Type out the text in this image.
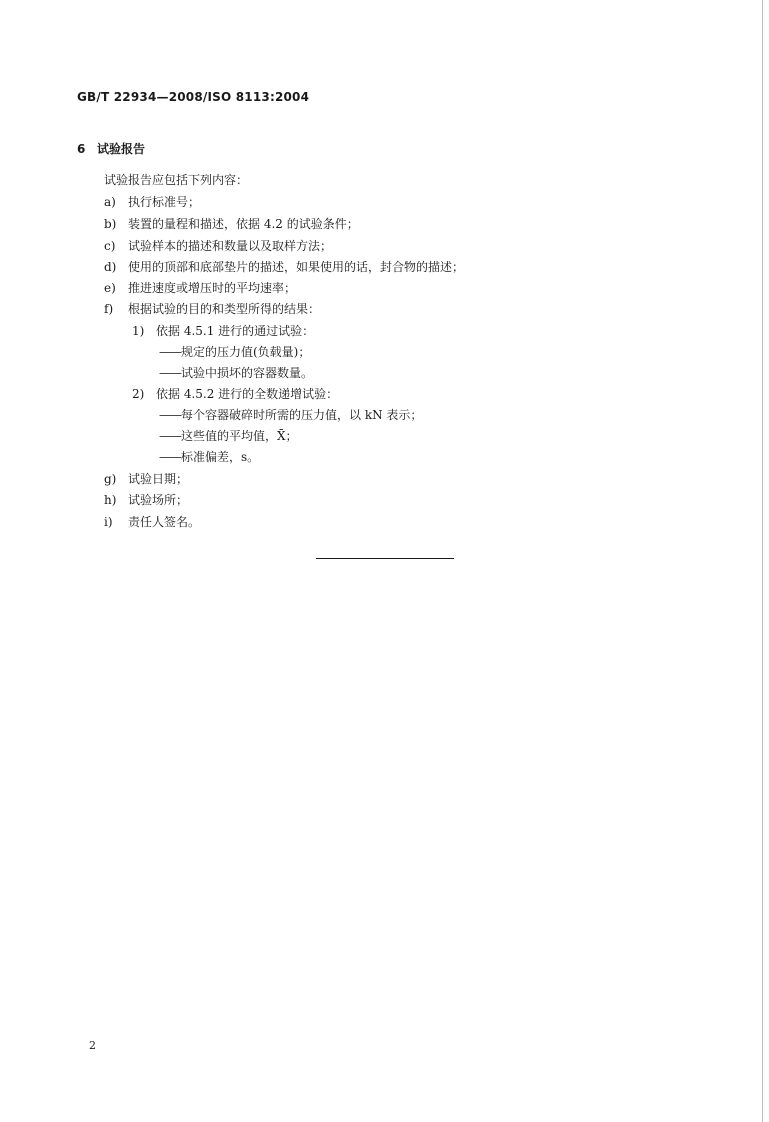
GB/T 22934—2008/ISO 8113:2004
6 试验报告
试验报告应包括下列内容：
a) 执行标准号；
b) 装置的量程和描述，依据 4.2 的试验条件；
c) 试验样本的描述和数量以及取样方法；
d) 使用的顶部和底部垫片的描述，如果使用的话，封合物的描述；
e) 推进速度或增压时的平均速率；
f) 根据试验的目的和类型所得的结果：
1) 依据 4.5.1 进行的通过试验：
——规定的压力值(负载量)；
——试验中损坏的容器数量。
2) 依据 4.5.2 进行的全数递增试验：
——每个容器破碎时所需的压力值，以 kN 表示；
——这些值的平均值，X̄；
——标准偏差，s。
g) 试验日期；
h) 试验场所；
i) 责任人签名。
2
